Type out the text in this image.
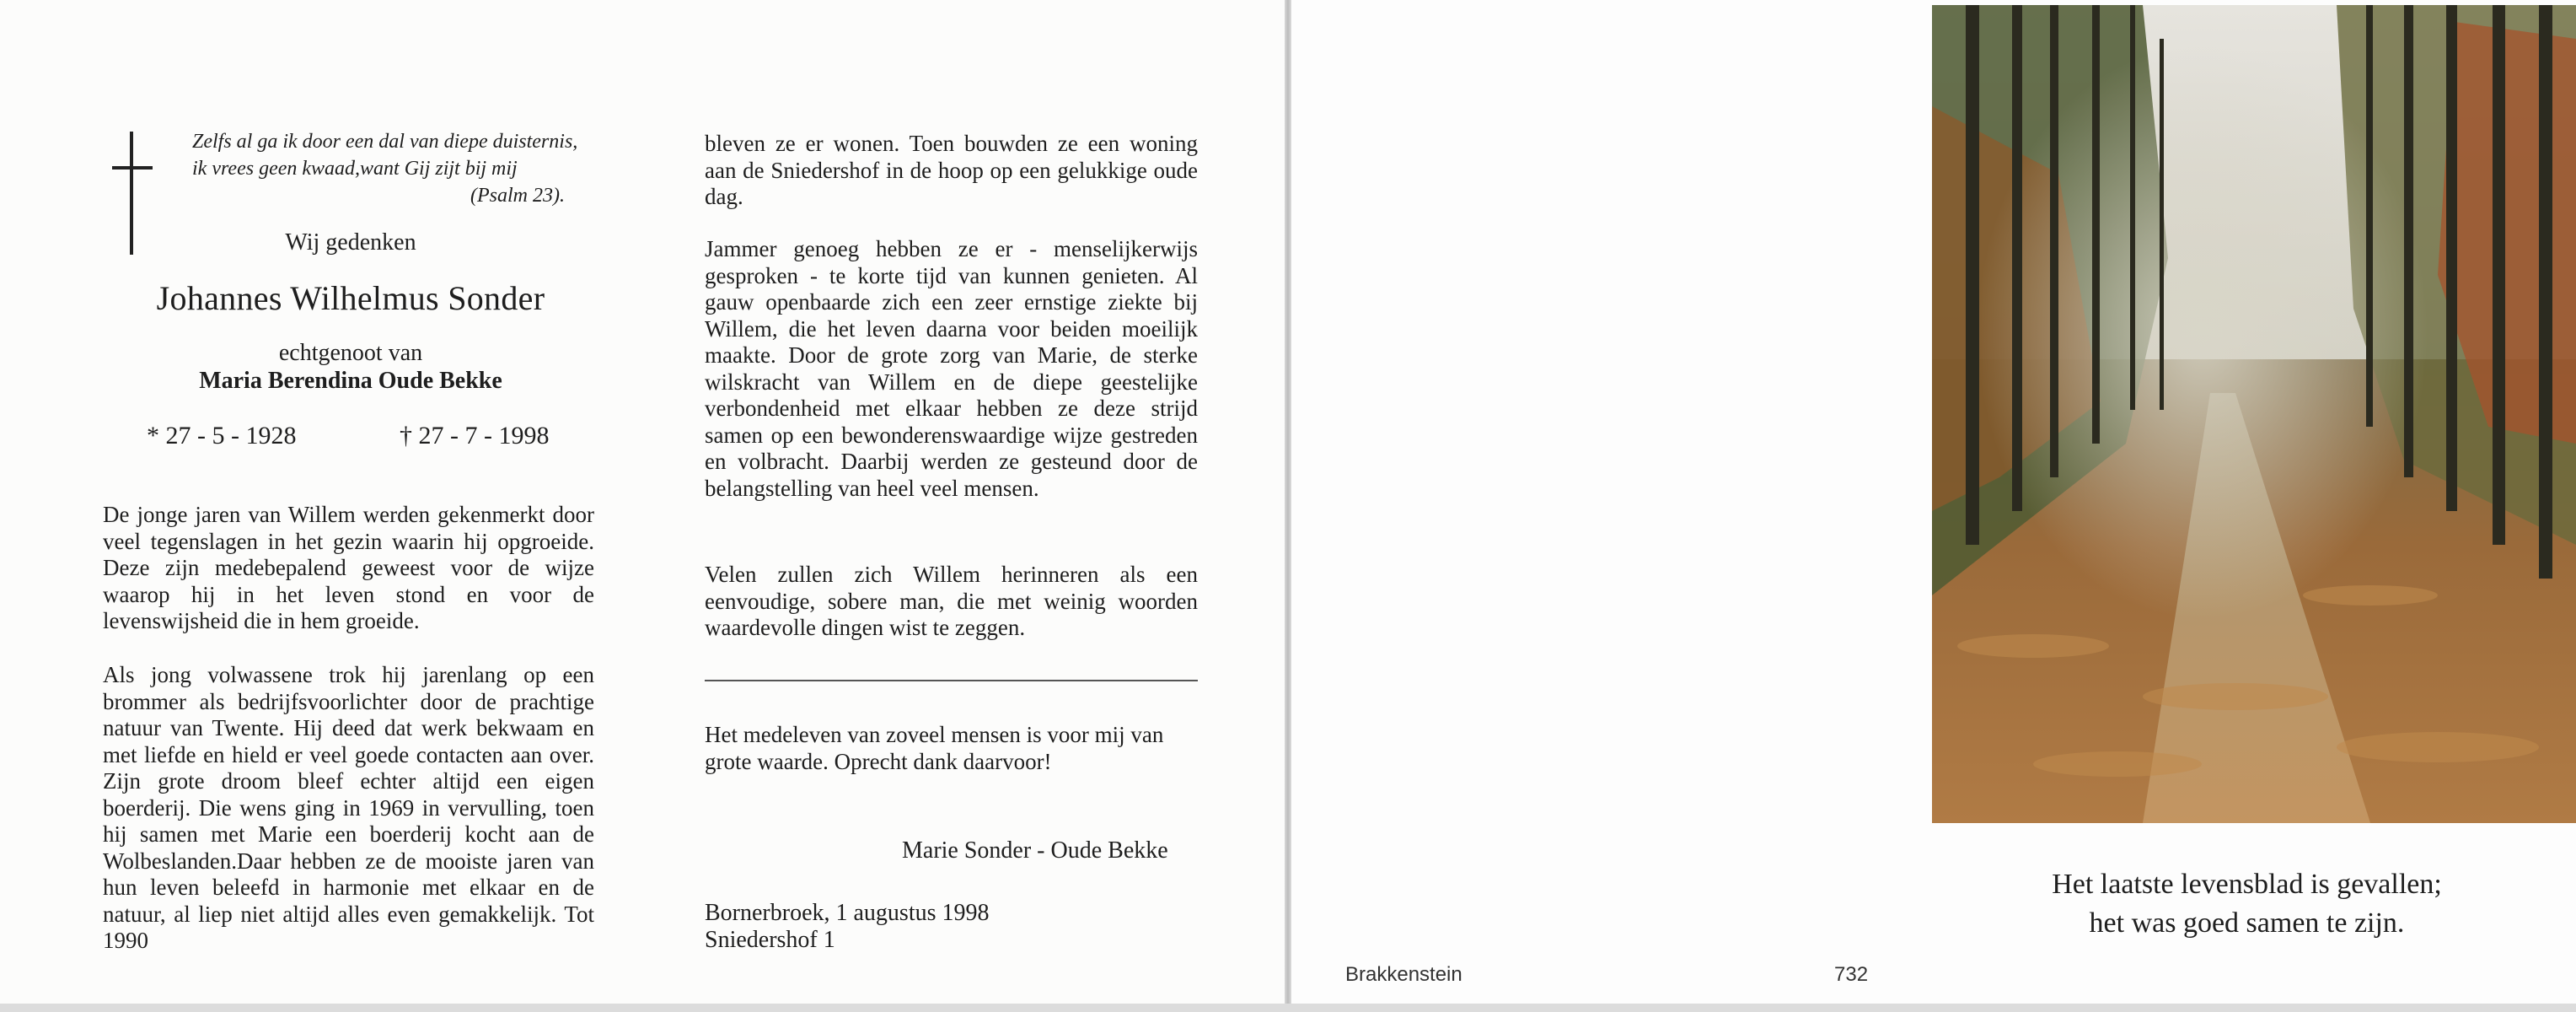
Zelfs al ga ik door een dal van diepe duisternis,
ik vrees geen kwaad,want Gij zijt bij mij
(Psalm 23).
Wij gedenken
Johannes Wilhelmus Sonder
echtgenoot van
Maria Berendina Oude Bekke
* 27 - 5 - 1928	† 27 - 7 - 1998

De jonge jaren van Willem werden gekenmerkt door veel tegenslagen in het gezin waarin hij opgroeide. Deze zijn medebepalend geweest voor de wijze waarop hij in het leven stond en voor de levenswijsheid die in hem groeide.

Als jong volwassene trok hij jarenlang op een brommer als bedrijfsvoorlichter door de prachtige natuur van Twente. Hij deed dat werk bekwaam en met liefde en hield er veel goede contacten aan over. Zijn grote droom bleef echter altijd een eigen boerderij. Die wens ging in 1969 in vervulling, toen hij samen met Marie een boerderij kocht aan de Wolbeslanden.Daar hebben ze de mooiste jaren van hun leven beleefd in harmonie met elkaar en de natuur, al liep niet altijd alles even gemakkelijk. Tot 1990

bleven ze er wonen. Toen bouwden ze een woning aan de Sniedershof in de hoop op een gelukkige oude dag.

Jammer genoeg hebben ze er - menselijkerwijs gesproken - te korte tijd van kunnen genieten. Al gauw openbaarde zich een zeer ernstige ziekte bij Willem, die het leven daarna voor beiden moeilijk maakte. Door de grote zorg van Marie, de sterke wilskracht van Willem en de diepe geestelijke verbondenheid met elkaar hebben ze deze strijd samen op een bewonderenswaardige wijze gestreden en volbracht. Daarbij werden ze gesteund door de belangstelling van heel veel mensen.

Velen zullen zich Willem herinneren als een eenvoudige, sobere man, die met weinig woorden waardevolle dingen wist te zeggen.

Het medeleven van zoveel mensen is voor mij van grote waarde. Oprecht dank daarvoor!

Marie Sonder - Oude Bekke
Bornerbroek, 1 augustus 1998
Sniedershof 1
Het laatste levensblad is gevallen;
het was goed samen te zijn.
Brakkenstein	732
